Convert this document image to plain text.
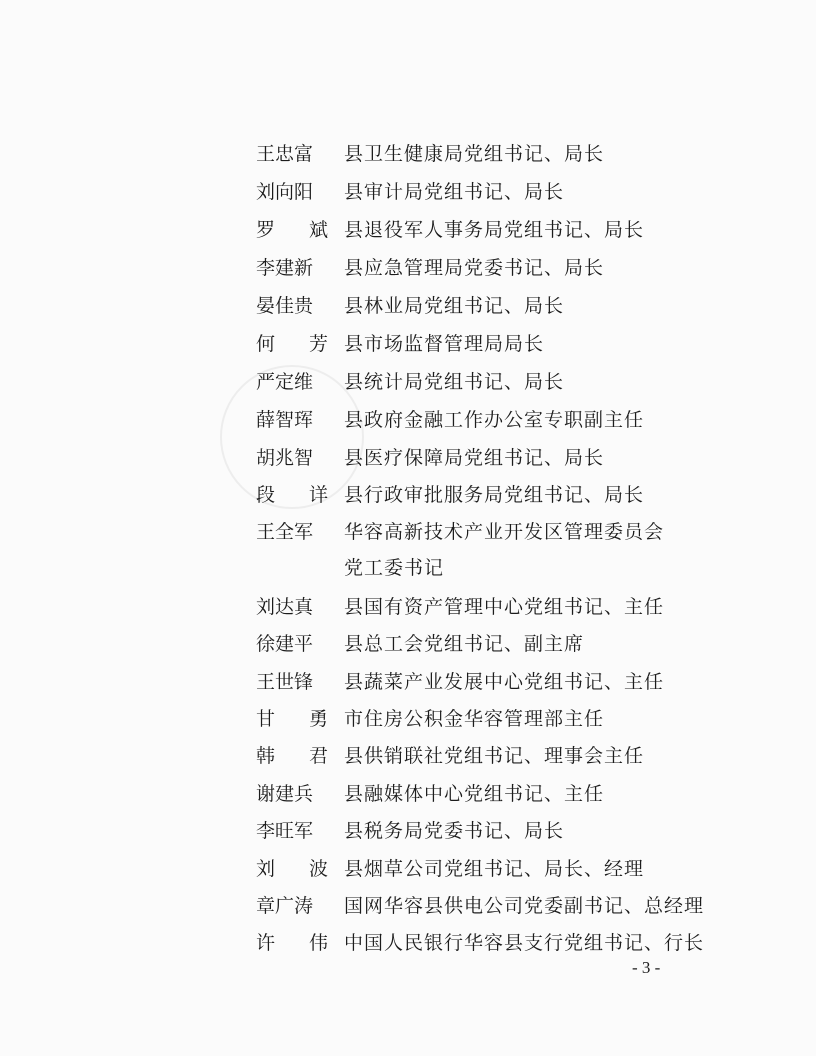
王忠富	县卫生健康局党组书记、局长
刘向阳	县审计局党组书记、局长
罗 斌 县退役军人事务局党组书记、局长
李建新	县应急管理局党委书记、局长
晏佳贵	县林业局党组书记、局长
何 芳 县市场监督管理局局长
严定维	县统计局党组书记、局长
薛智珲	县政府金融工作办公室专职副主任
胡兆智	县医疗保障局党组书记、局长
段 详 县行政审批服务局党组书记、局长
王全军	华容高新技术产业开发区管理委员会
党工委书记
刘达真	县国有资产管理中心党组书记、主任
徐建平	县总工会党组书记、副主席
王世锋	县蔬菜产业发展中心党组书记、主任
甘 勇 市住房公积金华容管理部主任
韩 君 县供销联社党组书记、理事会主任
谢建兵	县融媒体中心党组书记、主任
李旺军	县税务局党委书记、局长
刘 波 县烟草公司党组书记、局长、经理
章广涛	国网华容县供电公司党委副书记、总经理
许 伟 中国人民银行华容县支行党组书记、行长
- 3 -
